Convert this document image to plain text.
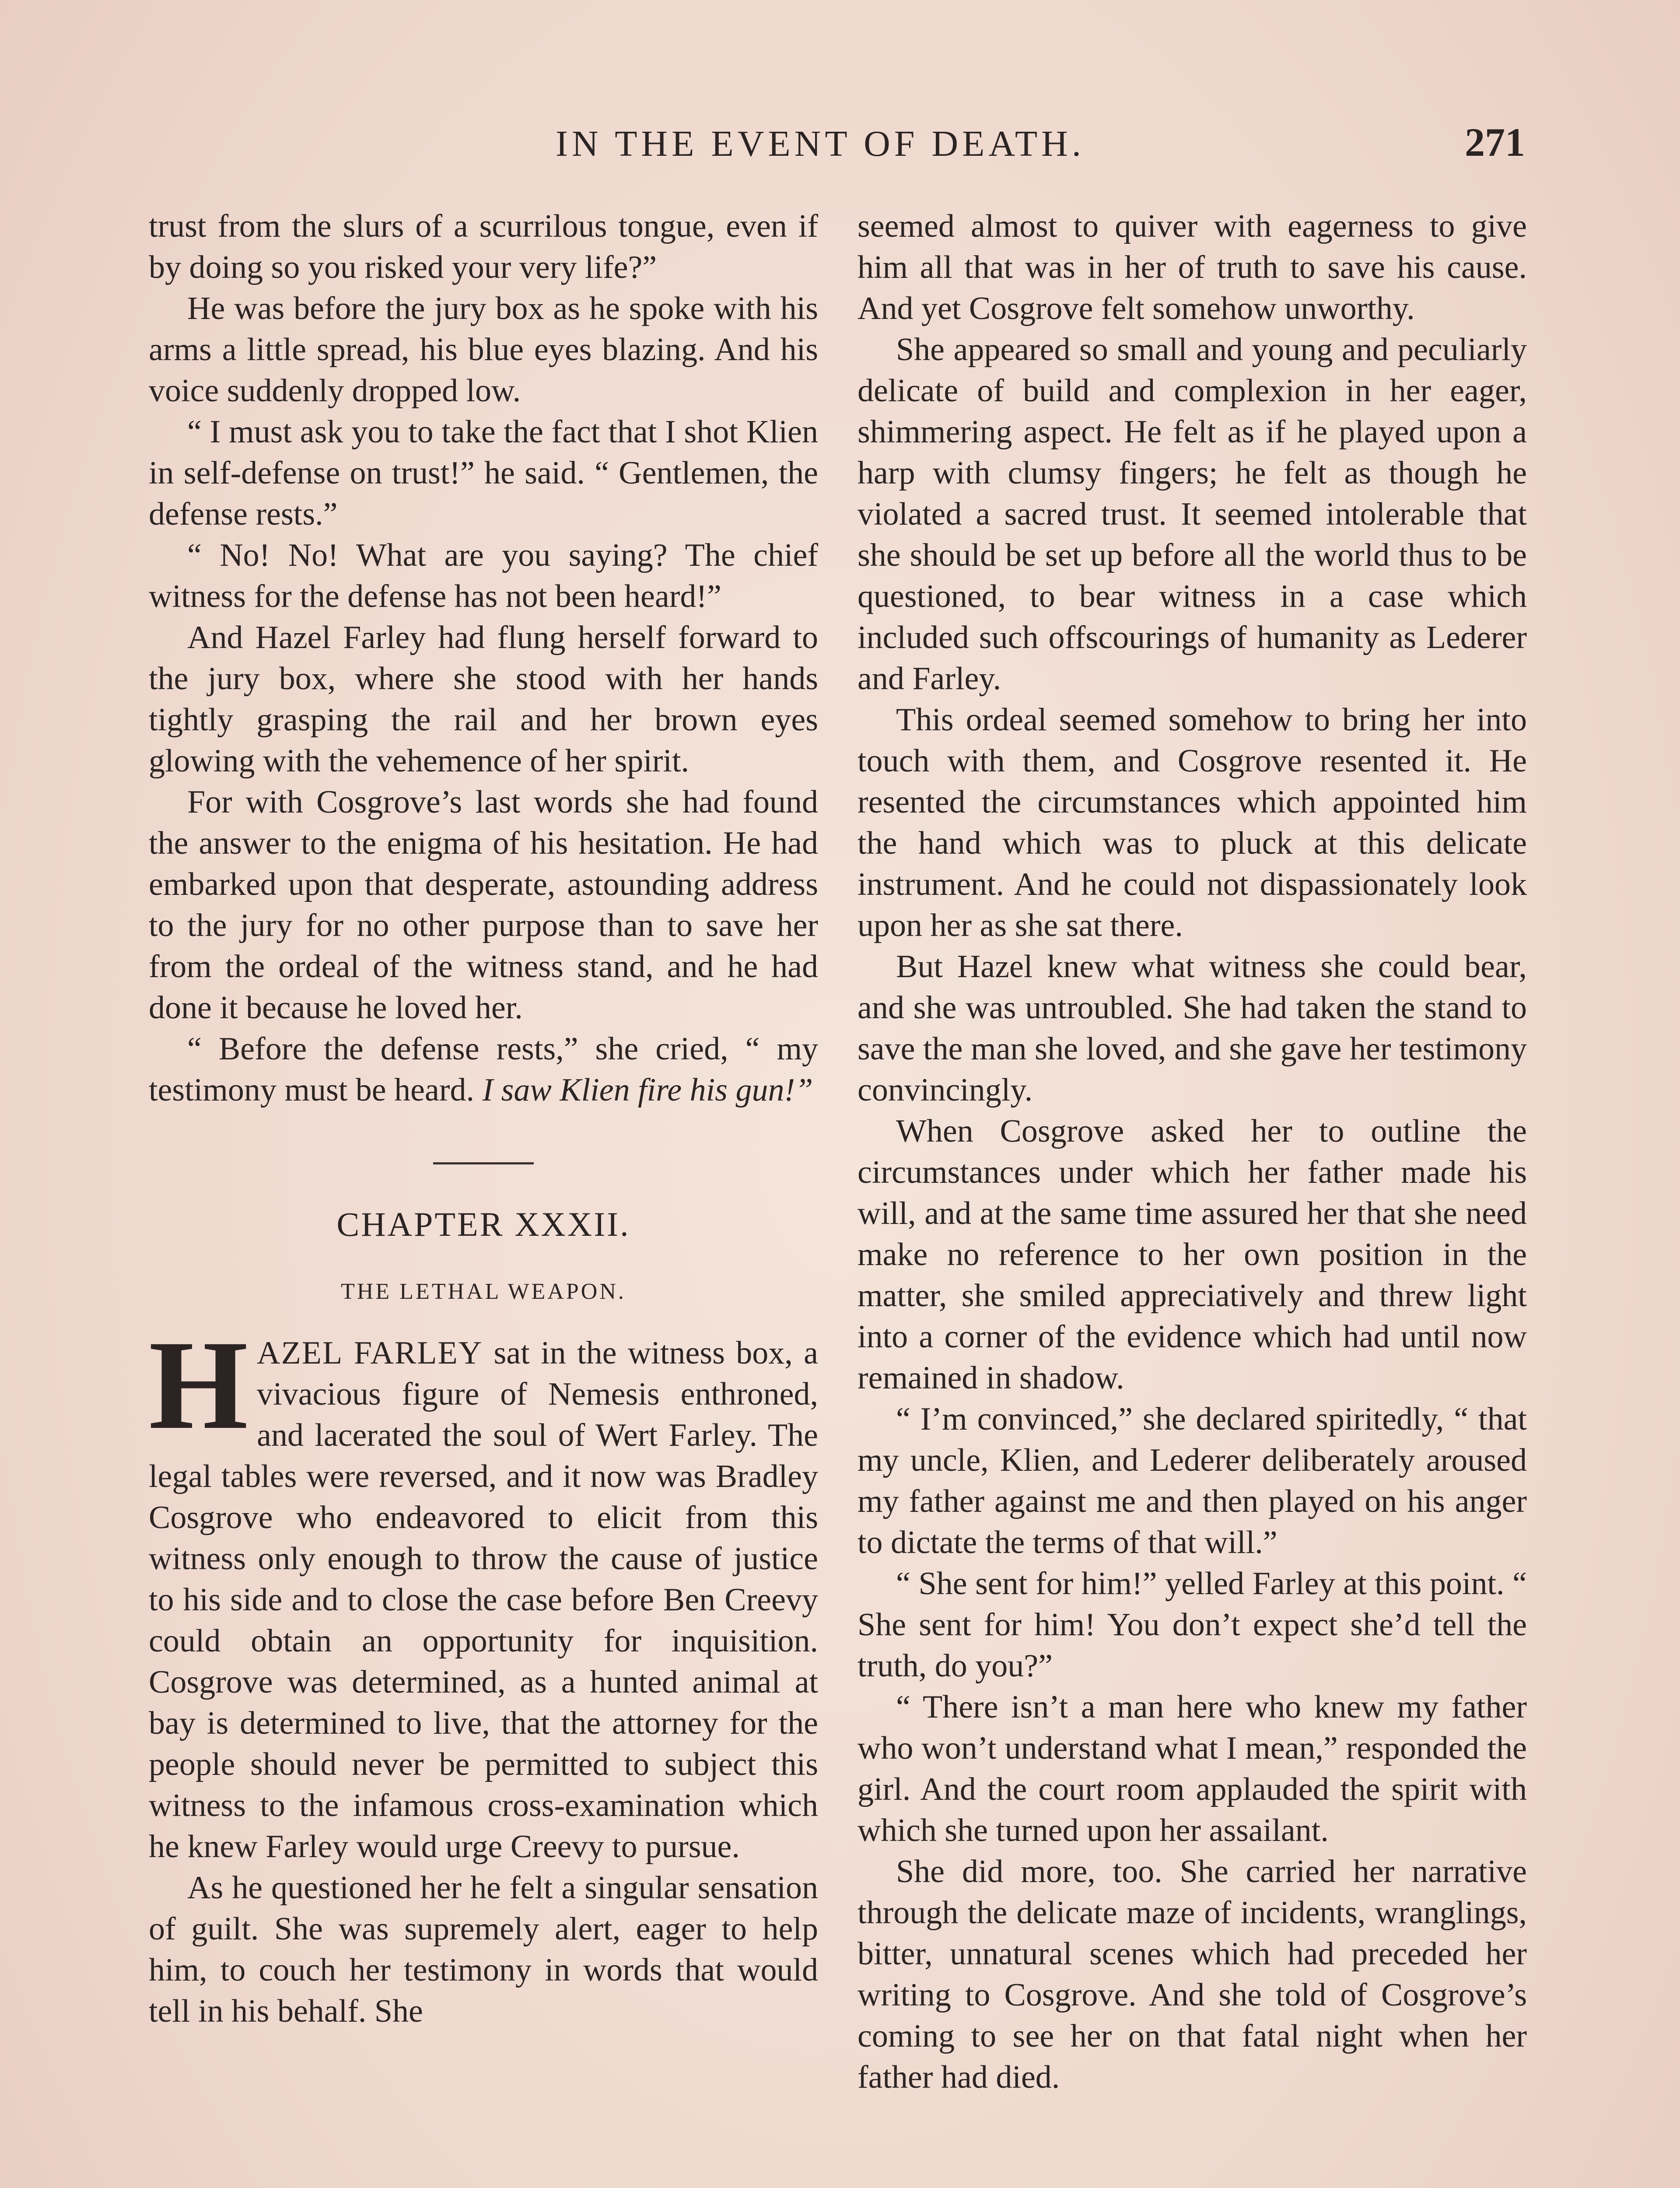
IN THE EVENT OF DEATH.	271

trust from the slurs of a scurrilous tongue, even if by doing so you risked your very life?”

He was before the jury box as he spoke with his arms a little spread, his blue eyes blazing. And his voice suddenly dropped low.

“ I must ask you to take the fact that I shot Klien in self-defense on trust!” he said. “ Gentlemen, the defense rests.”

“ No! No! What are you saying? The chief witness for the defense has not been heard!”

And Hazel Farley had flung herself forward to the jury box, where she stood with her hands tightly grasping the rail and her brown eyes glowing with the vehemence of her spirit.

For with Cosgrove’s last words she had found the answer to the enigma of his hesitation. He had embarked upon that desperate, astounding address to the jury for no other purpose than to save her from the ordeal of the witness stand, and he had done it because he loved her.

“ Before the defense rests,” she cried, “ my testimony must be heard. I saw Klien fire his gun!”

CHAPTER XXXII.
THE LETHAL WEAPON.

HAZEL FARLEY sat in the witness box, a vivacious figure of Nemesis enthroned, and lacerated the soul of Wert Farley. The legal tables were reversed, and it now was Bradley Cosgrove who endeavored to elicit from this witness only enough to throw the cause of justice to his side and to close the case before Ben Creevy could obtain an opportunity for inquisition. Cosgrove was determined, as a hunted animal at bay is determined to live, that the attorney for the people should never be permitted to subject this witness to the infamous cross-examination which he knew Farley would urge Creevy to pursue.

As he questioned her he felt a singular sensation of guilt. She was supremely alert, eager to help him, to couch her testimony in words that would tell in his behalf. She

seemed almost to quiver with eagerness to give him all that was in her of truth to save his cause. And yet Cosgrove felt somehow unworthy.

She appeared so small and young and peculiarly delicate of build and complexion in her eager, shimmering aspect. He felt as if he played upon a harp with clumsy fingers; he felt as though he violated a sacred trust. It seemed intolerable that she should be set up before all the world thus to be questioned, to bear witness in a case which included such offscourings of humanity as Lederer and Farley.

This ordeal seemed somehow to bring her into touch with them, and Cosgrove resented it. He resented the circumstances which appointed him the hand which was to pluck at this delicate instrument. And he could not dispassionately look upon her as she sat there.

But Hazel knew what witness she could bear, and she was untroubled. She had taken the stand to save the man she loved, and she gave her testimony convincingly.

When Cosgrove asked her to outline the circumstances under which her father made his will, and at the same time assured her that she need make no reference to her own position in the matter, she smiled appreciatively and threw light into a corner of the evidence which had until now remained in shadow.

“ I’m convinced,” she declared spiritedly, “ that my uncle, Klien, and Lederer deliberately aroused my father against me and then played on his anger to dictate the terms of that will.”

“ She sent for him!” yelled Farley at this point. “ She sent for him! You don’t expect she’d tell the truth, do you?”

“ There isn’t a man here who knew my father who won’t understand what I mean,” responded the girl. And the court room applauded the spirit with which she turned upon her assailant.

She did more, too. She carried her narrative through the delicate maze of incidents, wranglings, bitter, unnatural scenes which had preceded her writing to Cosgrove. And she told of Cosgrove’s coming to see her on that fatal night when her father had died.
